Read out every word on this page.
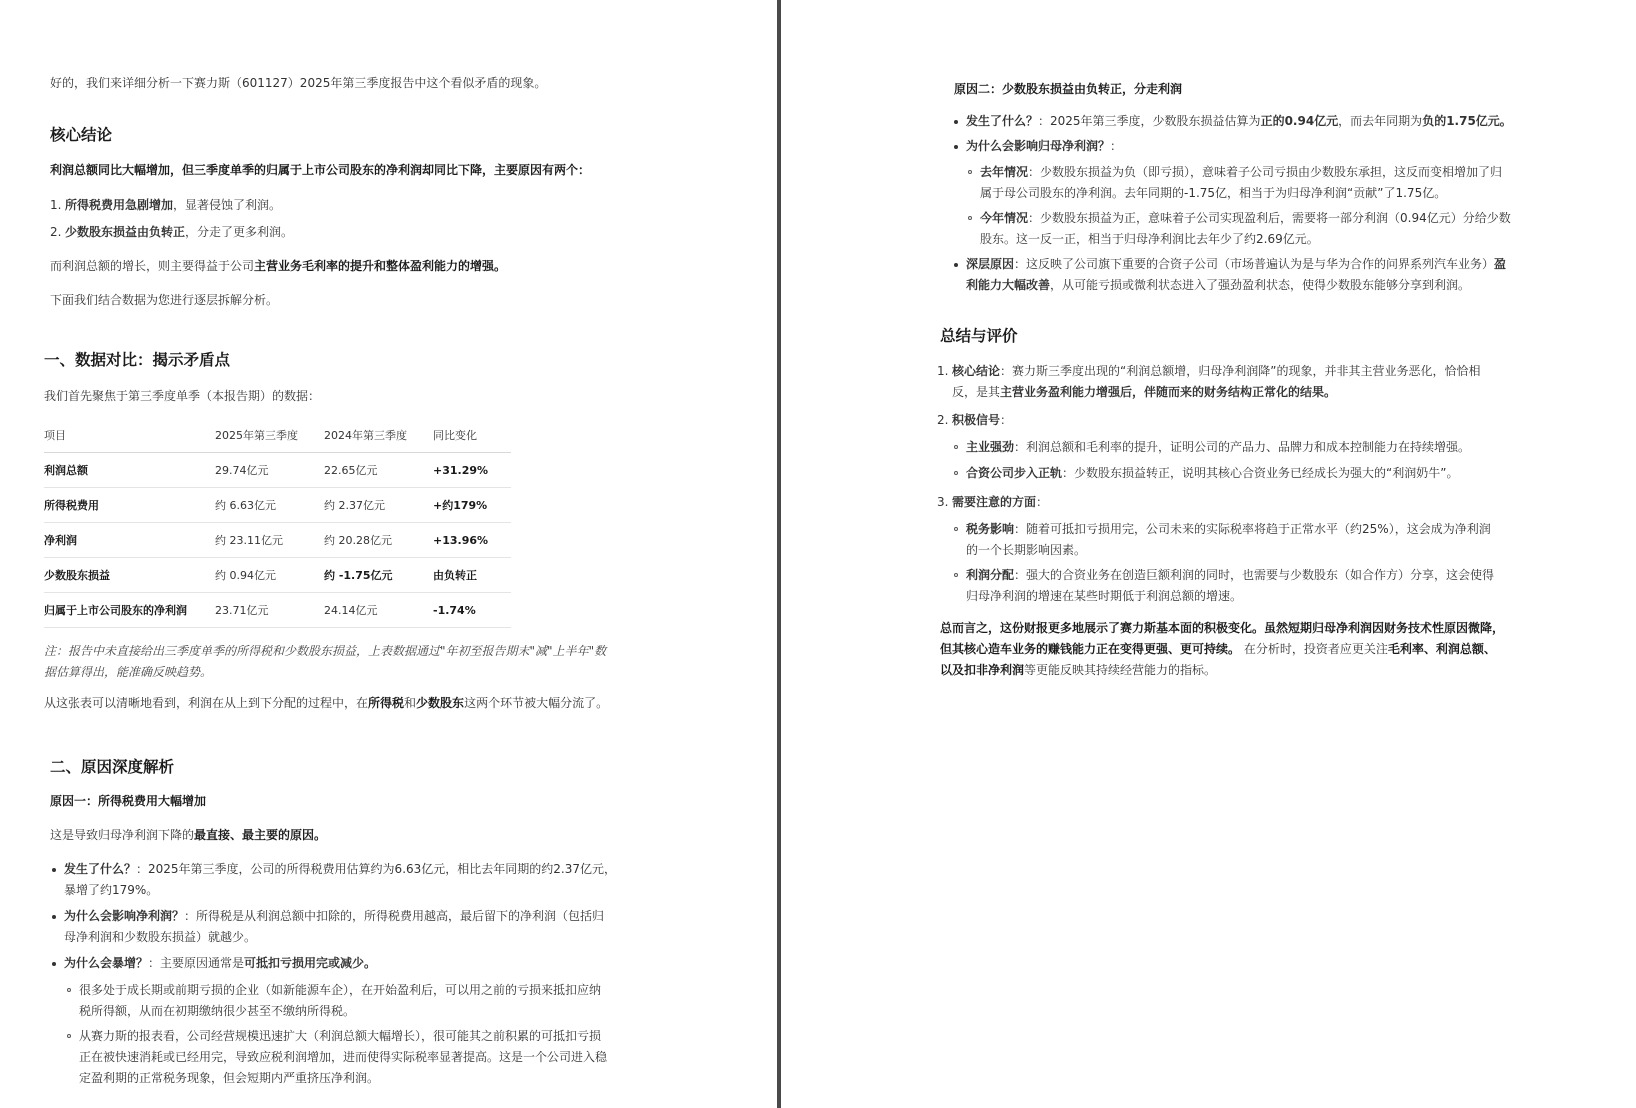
好的，我们来详细分析一下赛力斯（601127）2025年第三季度报告中这个看似矛盾的现象。
核心结论
利润总额同比大幅增加，但三季度单季的归属于上市公司股东的净利润却同比下降，主要原因有两个：
1. 所得税费用急剧增加，显著侵蚀了利润。
2. 少数股东损益由负转正，分走了更多利润。
而利润总额的增长，则主要得益于公司主营业务毛利率的提升和整体盈利能力的增强。
下面我们结合数据为您进行逐层拆解分析。
一、数据对比：揭示矛盾点
我们首先聚焦于第三季度单季（本报告期）的数据：
项目	2025年第三季度	2024年第三季度	同比变化
利润总额	29.74亿元	22.65亿元	+31.29%
所得税费用	约 6.63亿元	约 2.37亿元	+约179%
净利润	约 23.11亿元	约 20.28亿元	+13.96%
少数股东损益	约 0.94亿元	约 -1.75亿元	由负转正
归属于上市公司股东的净利润	23.71亿元	24.14亿元	-1.74%
注：报告中未直接给出三季度单季的所得税和少数股东损益，上表数据通过"年初至报告期末"减"上半年"数
据估算得出，能准确反映趋势。
从这张表可以清晰地看到，利润在从上到下分配的过程中，在所得税和少数股东这两个环节被大幅分流了。
二、原因深度解析
原因一：所得税费用大幅增加
这是导致归母净利润下降的最直接、最主要的原因。
发生了什么？：2025年第三季度，公司的所得税费用估算约为6.63亿元，相比去年同期的约2.37亿元，
暴增了约179%。
为什么会影响净利润？：所得税是从利润总额中扣除的，所得税费用越高，最后留下的净利润（包括归
母净利润和少数股东损益）就越少。
为什么会暴增？：主要原因通常是可抵扣亏损用完或减少。
很多处于成长期或前期亏损的企业（如新能源车企），在开始盈利后，可以用之前的亏损来抵扣应纳
税所得额，从而在初期缴纳很少甚至不缴纳所得税。
从赛力斯的报表看，公司经营规模迅速扩大（利润总额大幅增长），很可能其之前积累的可抵扣亏损
正在被快速消耗或已经用完，导致应税利润增加，进而使得实际税率显著提高。这是一个公司进入稳
定盈利期的正常税务现象，但会短期内严重挤压净利润。
原因二：少数股东损益由负转正，分走利润
发生了什么？：2025年第三季度，少数股东损益估算为正的0.94亿元，而去年同期为负的1.75亿元。
为什么会影响归母净利润？：
去年情况：少数股东损益为负（即亏损），意味着子公司亏损由少数股东承担，这反而变相增加了归
属于母公司股东的净利润。去年同期的-1.75亿，相当于为归母净利润“贡献”了1.75亿。
今年情况：少数股东损益为正，意味着子公司实现盈利后，需要将一部分利润（0.94亿元）分给少数
股东。这一反一正，相当于归母净利润比去年少了约2.69亿元。
深层原因：这反映了公司旗下重要的合资子公司（市场普遍认为是与华为合作的问界系列汽车业务）盈
利能力大幅改善，从可能亏损或微利状态进入了强劲盈利状态，使得少数股东能够分享到利润。
总结与评价
1. 核心结论：赛力斯三季度出现的“利润总额增，归母净利润降”的现象，并非其主营业务恶化，恰恰相
反，是其主营业务盈利能力增强后，伴随而来的财务结构正常化的结果。
2. 积极信号：
主业强劲：利润总额和毛利率的提升，证明公司的产品力、品牌力和成本控制能力在持续增强。
合资公司步入正轨：少数股东损益转正，说明其核心合资业务已经成长为强大的“利润奶牛”。
3. 需要注意的方面：
税务影响：随着可抵扣亏损用完，公司未来的实际税率将趋于正常水平（约25%），这会成为净利润
的一个长期影响因素。
利润分配：强大的合资业务在创造巨额利润的同时，也需要与少数股东（如合作方）分享，这会使得
归母净利润的增速在某些时期低于利润总额的增速。
总而言之，这份财报更多地展示了赛力斯基本面的积极变化。虽然短期归母净利润因财务技术性原因微降，
但其核心造车业务的赚钱能力正在变得更强、更可持续。 在分析时，投资者应更关注毛利率、利润总额、
以及扣非净利润等更能反映其持续经营能力的指标。
